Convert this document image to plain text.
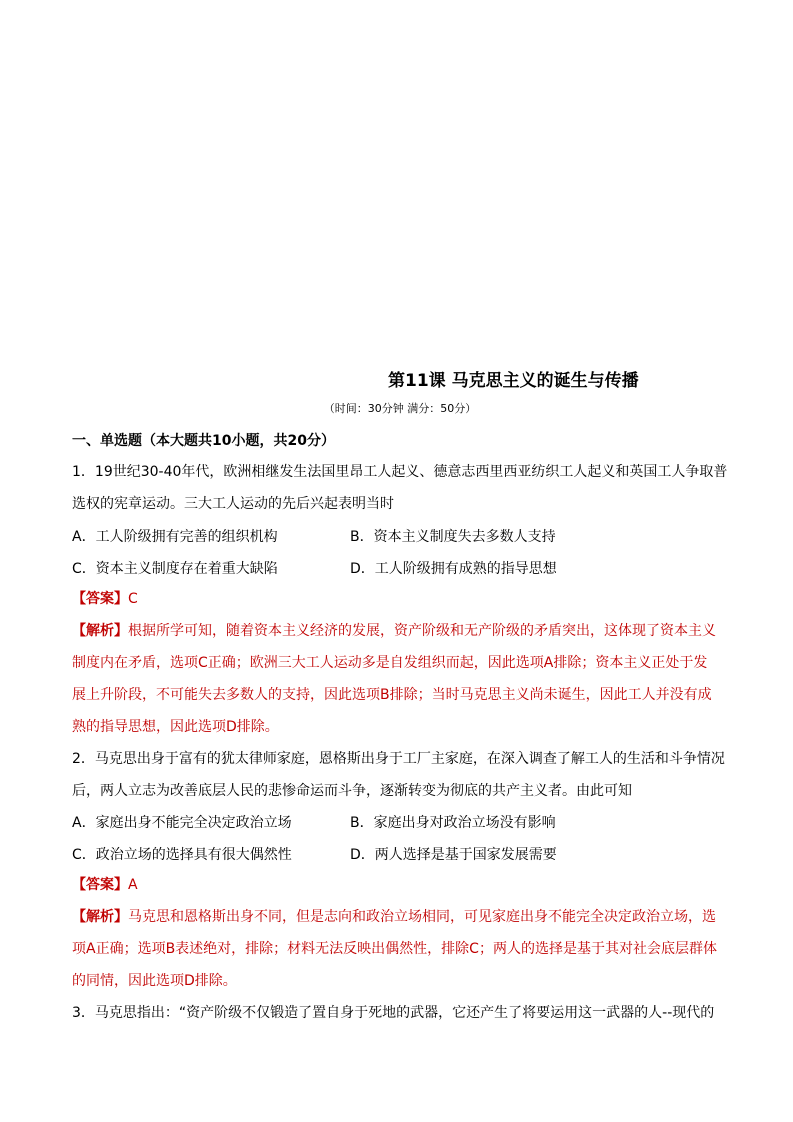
第11课 马克思主义的诞生与传播
（时间：30分钟 满分：50分）
一、单选题（本大题共10小题，共20分）
1．19世纪30-40年代，欧洲相继发生法国里昂工人起义、德意志西里西亚纺织工人起义和英国工人争取普
选权的宪章运动。三大工人运动的先后兴起表明当时
A．工人阶级拥有完善的组织机构	B．资本主义制度失去多数人支持
C．资本主义制度存在着重大缺陷	D．工人阶级拥有成熟的指导思想
【答案】C
【解析】根据所学可知，随着资本主义经济的发展，资产阶级和无产阶级的矛盾突出，这体现了资本主义
制度内在矛盾，选项C正确；欧洲三大工人运动多是自发组织而起，因此选项A排除；资本主义正处于发
展上升阶段，不可能失去多数人的支持，因此选项B排除；当时马克思主义尚未诞生，因此工人并没有成
熟的指导思想，因此选项D排除。
2．马克思出身于富有的犹太律师家庭，恩格斯出身于工厂主家庭，在深入调查了解工人的生活和斗争情况
后，两人立志为改善底层人民的悲惨命运而斗争，逐渐转变为彻底的共产主义者。由此可知
A．家庭出身不能完全决定政治立场	B．家庭出身对政治立场没有影响
C．政治立场的选择具有很大偶然性	D．两人选择是基于国家发展需要
【答案】A
【解析】马克思和恩格斯出身不同，但是志向和政治立场相同，可见家庭出身不能完全决定政治立场，选
项A正确；选项B表述绝对，排除；材料无法反映出偶然性，排除C；两人的选择是基于其对社会底层群体
的同情，因此选项D排除。
3．马克思指出：“资产阶级不仅锻造了置自身于死地的武器，它还产生了将要运用这一武器的人--现代的
